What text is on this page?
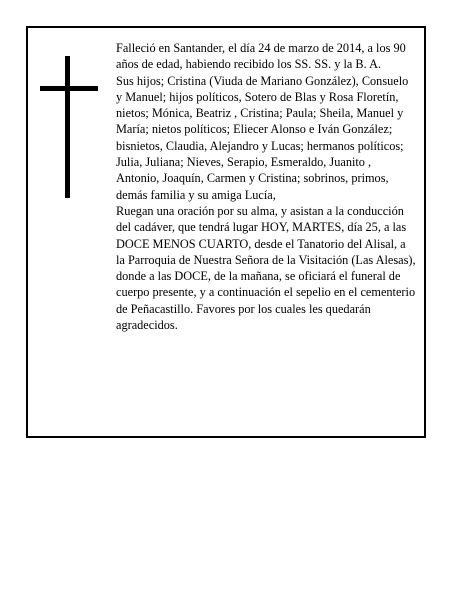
Falleció en Santander, el día 24 de marzo de 2014, a los 90 años de edad, habiendo recibido los SS. SS. y la B. A.

Sus hijos; Cristina (Viuda de Mariano González), Consuelo y Manuel; hijos políticos, Sotero de Blas y Rosa Floretín, nietos; Mónica, Beatriz , Cristina; Paula; Sheila, Manuel y María; nietos políticos; Eliecer Alonso e Iván González; bisnietos, Claudia, Alejandro y Lucas; hermanos políticos; Julia, Juliana; Nieves, Serapio, Esmeraldo, Juanito , Antonio, Joaquín, Carmen y Cristina; sobrinos, primos, demás familia y su amiga Lucía,

Ruegan una oración por su alma, y asistan a la conducción del cadáver, que tendrá lugar HOY, MARTES, día 25, a las DOCE MENOS CUARTO, desde el Tanatorio del Alisal, a la Parroquia de Nuestra Señora de la Visitación (Las Alesas), donde a las DOCE, de la mañana, se oficiará el funeral de cuerpo presente, y a continuación el sepelio en el cementerio de Peñacastillo. Favores por los cuales les quedarán agradecidos.
